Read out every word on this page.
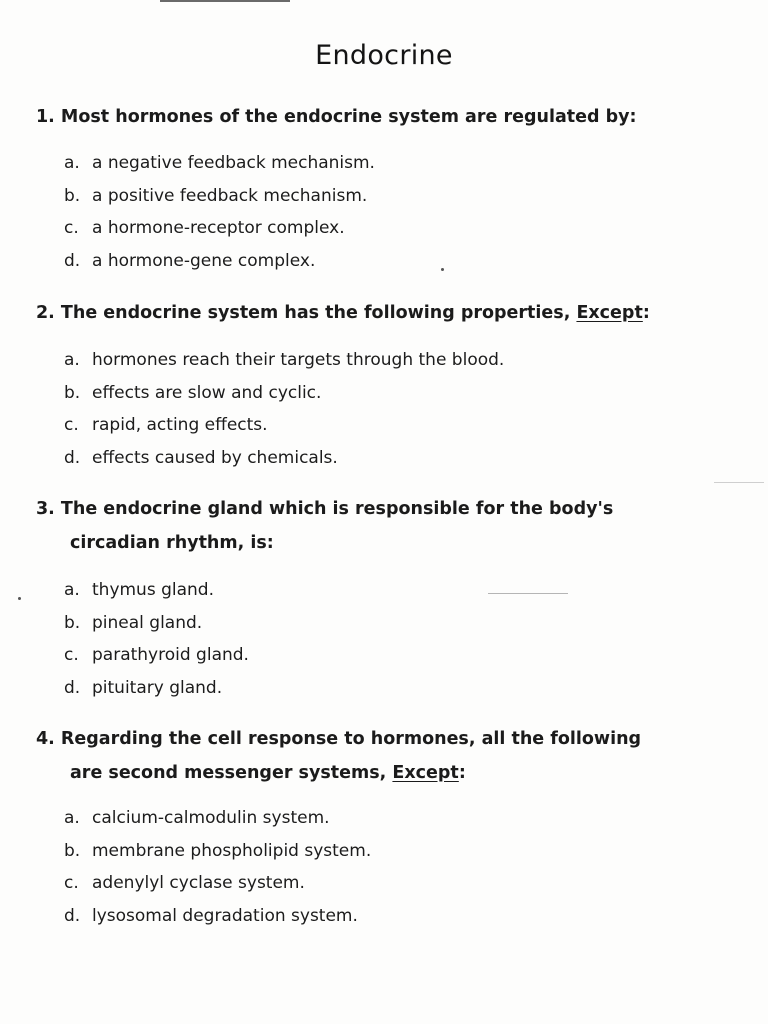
Endocrine
1. Most hormones of the endocrine system are regulated by:
a. a negative feedback mechanism.
b. a positive feedback mechanism.
c. a hormone-receptor complex.
d. a hormone-gene complex.
2. The endocrine system has the following properties, Except:
a. hormones reach their targets through the blood.
b. effects are slow and cyclic.
c. rapid, acting effects.
d. effects caused by chemicals.
3. The endocrine gland which is responsible for the body's
circadian rhythm, is:
a. thymus gland.
b. pineal gland.
c. parathyroid gland.
d. pituitary gland.
4. Regarding the cell response to hormones, all the following
are second messenger systems, Except:
a. calcium-calmodulin system.
b. membrane phospholipid system.
c. adenylyl cyclase system.
d. lysosomal degradation system.
